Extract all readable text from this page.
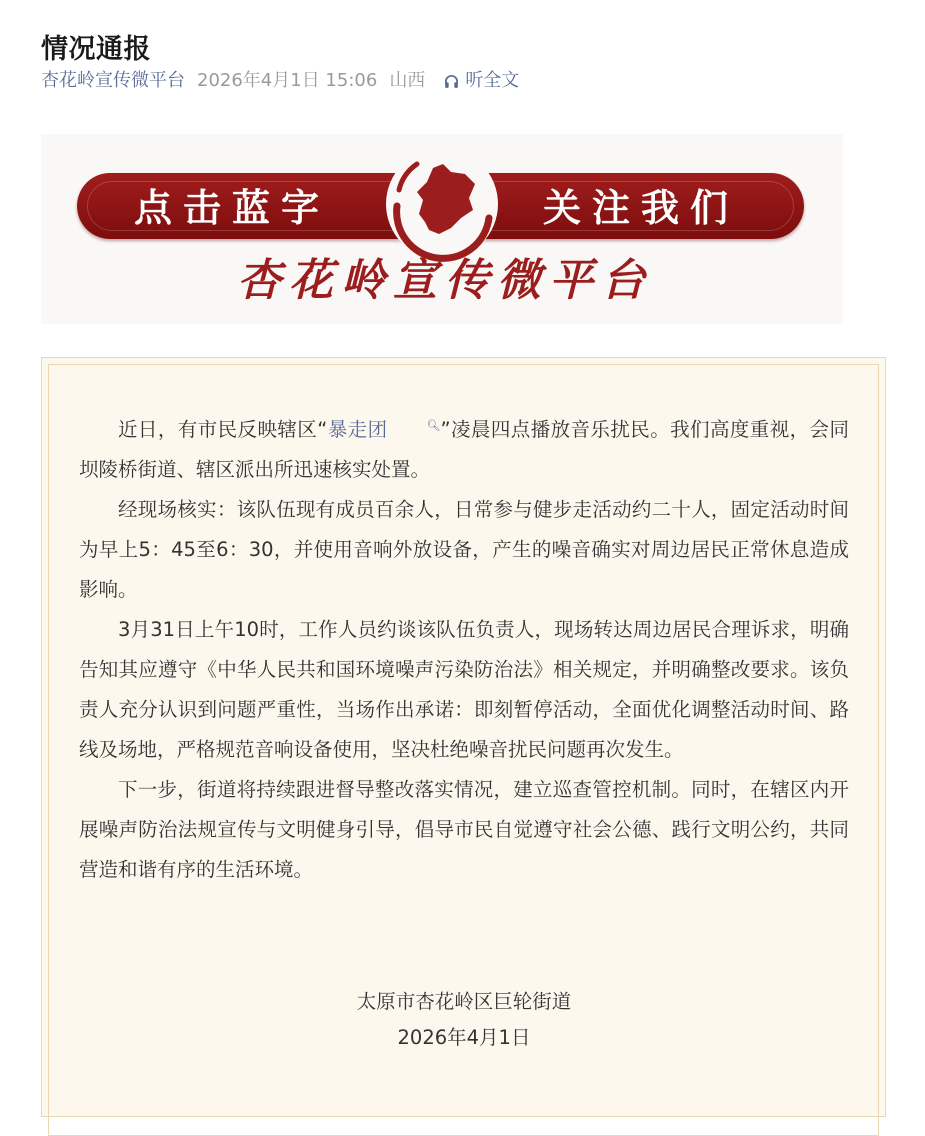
情况通报
杏花岭宣传微平台 2026年4月1日 15:06 山西 听全文
点击蓝字	关注我们
杏花岭宣传微平台

近日，有市民反映辖区“暴走团	🔍︎”凌晨四点播放音乐扰民。我们高度重视，会同坝陵桥街道、辖区派出所迅速核实处置。

经现场核实：该队伍现有成员百余人，日常参与健步走活动约二十人，固定活动时间为早上5：45至6：30，并使用音响外放设备，产生的噪音确实对周边居民正常休息造成影响。

3月31日上午10时，工作人员约谈该队伍负责人，现场转达周边居民合理诉求，明确告知其应遵守《中华人民共和国环境噪声污染防治法》相关规定，并明确整改要求。该负责人充分认识到问题严重性，当场作出承诺：即刻暂停活动，全面优化调整活动时间、路线及场地，严格规范音响设备使用，坚决杜绝噪音扰民问题再次发生。

下一步，街道将持续跟进督导整改落实情况，建立巡查管控机制。同时，在辖区内开展噪声防治法规宣传与文明健身引导，倡导市民自觉遵守社会公德、践行文明公约，共同营造和谐有序的生活环境。

太原市杏花岭区巨轮街道
2026年4月1日
